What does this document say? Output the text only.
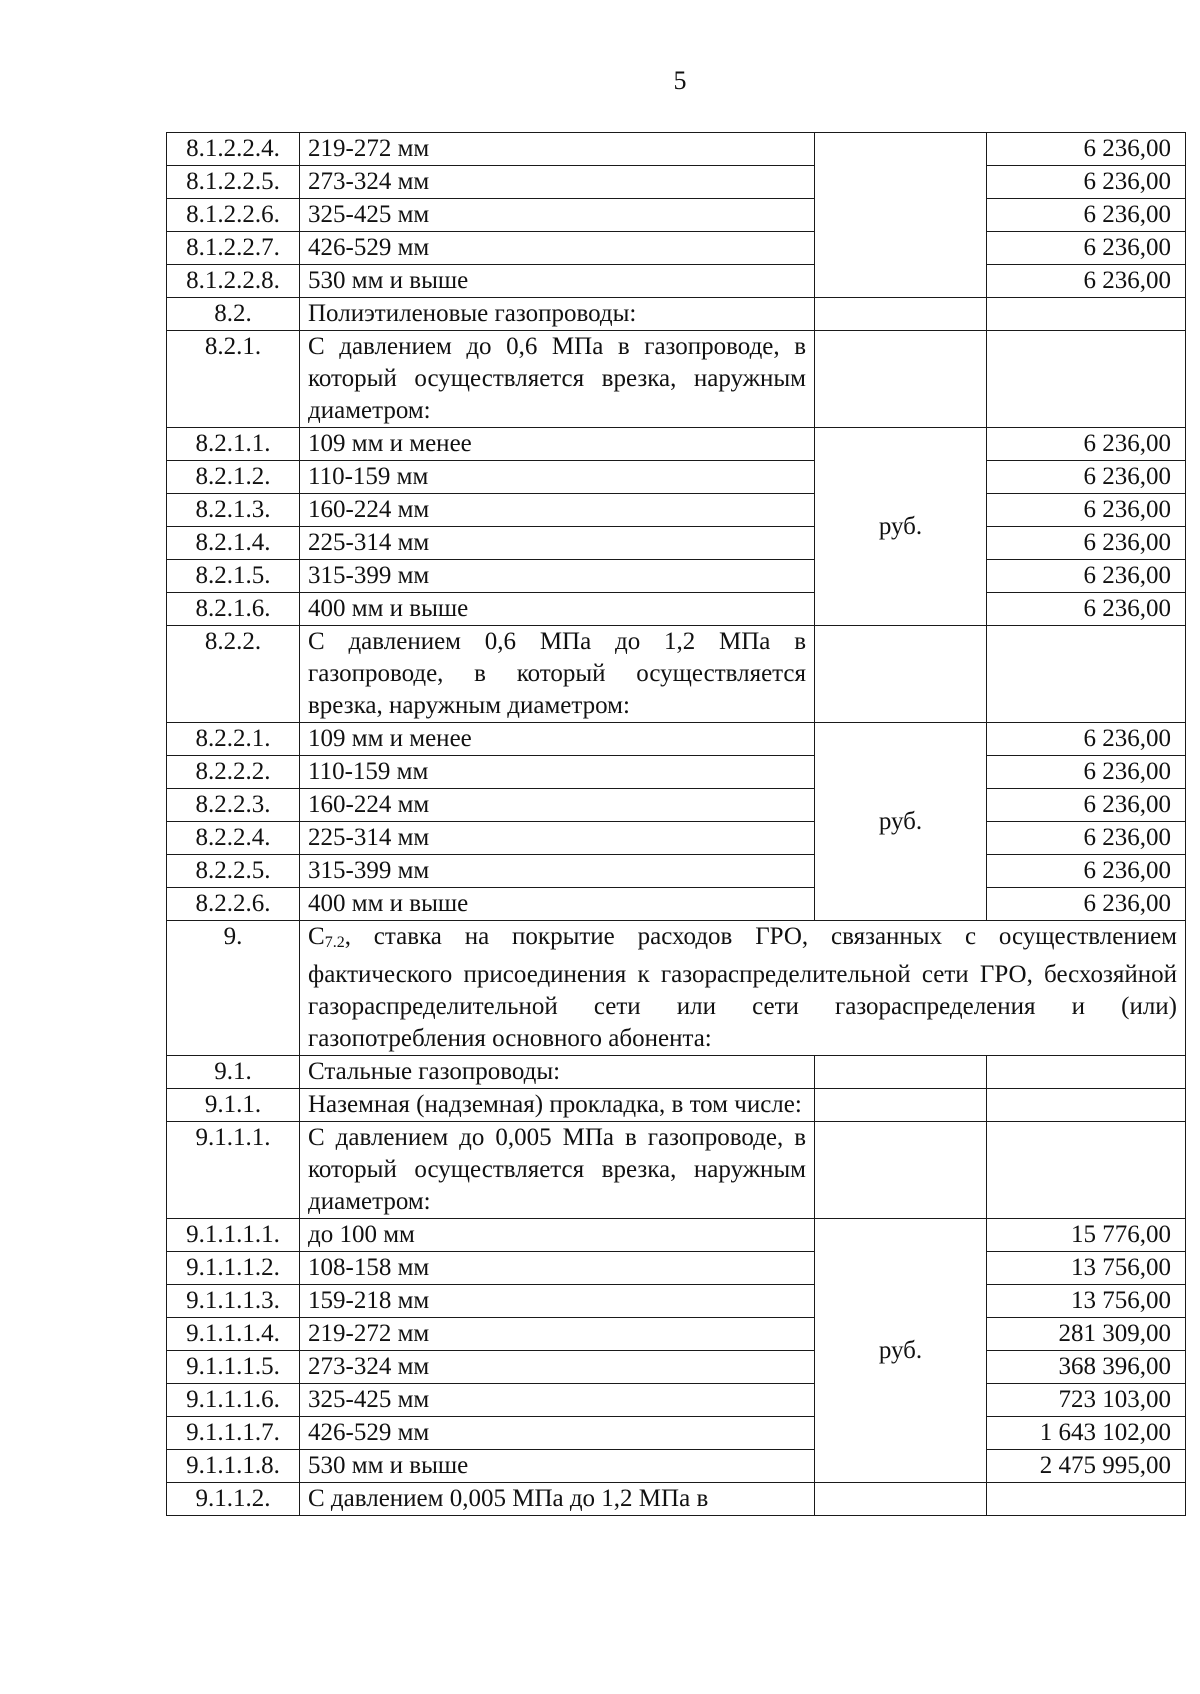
5
8.1.2.2.4.	219-272 мм		6 236,00
8.1.2.2.5.	273-324 мм		6 236,00
8.1.2.2.6.	325-425 мм		6 236,00
8.1.2.2.7.	426-529 мм		6 236,00
8.1.2.2.8.	530 мм и выше		6 236,00
8.2.	Полиэтиленовые газопроводы:		
8.2.1.	С давлением до 0,6 МПа в газопроводе, в который осуществляется врезка, наружным диаметром:		
8.2.1.1.	109 мм и менее	руб.	6 236,00
8.2.1.2.	110-159 мм		6 236,00
8.2.1.3.	160-224 мм		6 236,00
8.2.1.4.	225-314 мм		6 236,00
8.2.1.5.	315-399 мм		6 236,00
8.2.1.6.	400 мм и выше		6 236,00
8.2.2.	С давлением 0,6 МПа до 1,2 МПа в газопроводе, в который осуществляется врезка, наружным диаметром:		
8.2.2.1.	109 мм и менее	руб.	6 236,00
8.2.2.2.	110-159 мм		6 236,00
8.2.2.3.	160-224 мм		6 236,00
8.2.2.4.	225-314 мм		6 236,00
8.2.2.5.	315-399 мм		6 236,00
8.2.2.6.	400 мм и выше		6 236,00
9.	С7.2, ставка на покрытие расходов ГРО, связанных с осуществлением фактического присоединения к газораспределительной сети ГРО, бесхозяйной газораспределительной сети или сети газораспределения и (или) газопотребления основного абонента:		
9.1.	Стальные газопроводы:		
9.1.1.	Наземная (надземная) прокладка, в том числе:		
9.1.1.1.	С давлением до 0,005 МПа в газопроводе, в который осуществляется врезка, наружным диаметром:		
9.1.1.1.1.	до 100 мм	руб.	15 776,00
9.1.1.1.2.	108-158 мм		13 756,00
9.1.1.1.3.	159-218 мм		13 756,00
9.1.1.1.4.	219-272 мм		281 309,00
9.1.1.1.5.	273-324 мм		368 396,00
9.1.1.1.6.	325-425 мм		723 103,00
9.1.1.1.7.	426-529 мм		1 643 102,00
9.1.1.1.8.	530 мм и выше		2 475 995,00
9.1.1.2.	С давлением 0,005 МПа до 1,2 МПа в		
